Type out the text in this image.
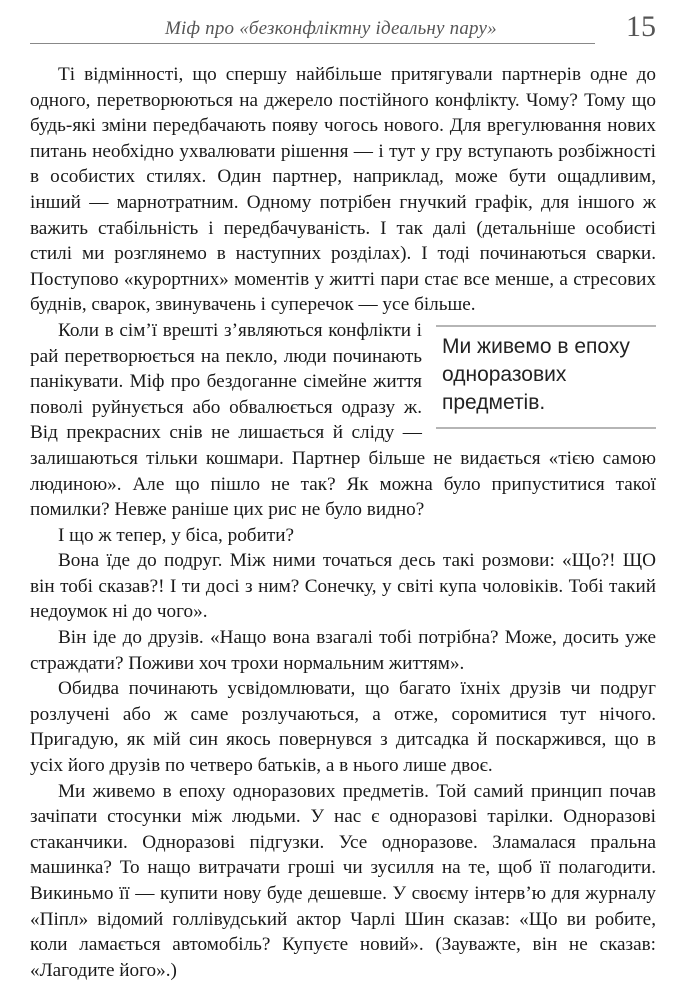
Міф про «безконфліктну ідеальну пару»	15

Ті відмінності, що спершу найбільше притягували партнерів одне до одного, перетворюються на джерело постійного конфлікту. Чому? Тому що будь-які зміни передбачають появу чогось нового. Для врегулювання нових питань необхідно ухвалювати рішення — і тут у гру вступають розбіжності в особистих стилях. Один партнер, наприклад, може бути ощадливим, інший — марнотратним. Одному потрібен гнучкий графік, для іншого ж важить стабільність і передбачуваність. І так далі (детальніше особисті стилі ми розглянемо в наступних розділах). І тоді починаються сварки. Поступово «курортних» моментів у житті пари стає все менше, а стресових буднів, сварок, звинувачень і суперечок — усе більше.

Ми живемо в епоху одноразових предметів.

Коли в сім’ї врешті з’являються конфлікти і рай перетворюється на пекло, люди починають панікувати. Міф про бездоганне сімейне життя поволі руйнується або обвалюється одразу ж. Від прекрасних снів не лишається й сліду — залишаються тільки кошмари. Партнер більше не видається «тією самою людиною». Але що пішло не так? Як можна було припуститися такої помилки? Невже раніше цих рис не було видно?

І що ж тепер, у біса, робити?

Вона їде до подруг. Між ними точаться десь такі розмови: «Що?! ЩО він тобі сказав?! І ти досі з ним? Сонечку, у світі купа чоловіків. Тобі такий недоумок ні до чого».

Він іде до друзів. «Нащо вона взагалі тобі потрібна? Може, досить уже страждати? Поживи хоч трохи нормальним життям».

Обидва починають усвідомлювати, що багато їхніх друзів чи подруг розлучені або ж саме розлучаються, а отже, соромитися тут нічого. Пригадую, як мій син якось повернувся з дитсадка й поскаржився, що в усіх його друзів по четверо батьків, а в нього лише двоє.

Ми живемо в епоху одноразових предметів. Той самий принцип почав зачіпати стосунки між людьми. У нас є одноразові тарілки. Одноразові стаканчики. Одноразові підгузки. Усе одноразове. Зламалася пральна машинка? То нащо витрачати гроші чи зусилля на те, щоб її полагодити. Викиньмо її — купити нову буде дешевше. У своєму інтерв’ю для журналу «Піпл» відомий голлівудський актор Чарлі Шин сказав: «Що ви робите, коли ламається автомобіль? Купуєте новий». (Зауважте, він не сказав: «Лагодите його».)
